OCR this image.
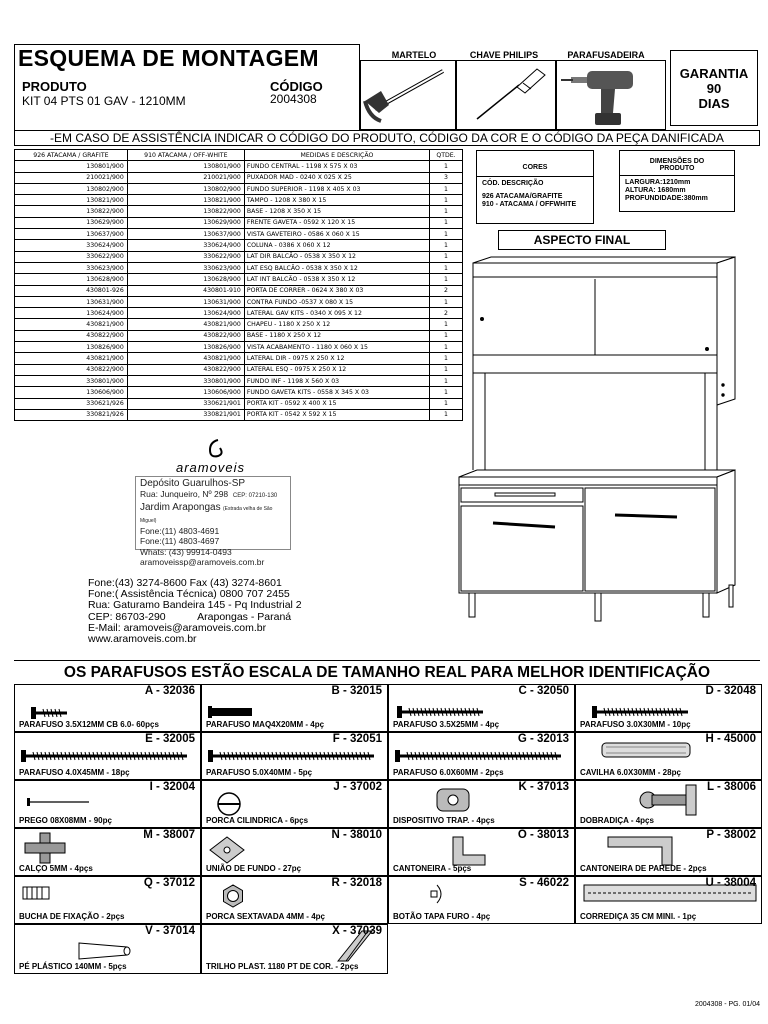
ESQUEMA DE MONTAGEM
PRODUTO
KIT 04 PTS 01 GAV - 1210MM
CÓDIGO
2004308
MARTELO	CHAVE PHILIPS	PARAFUSADEIRA
GARANTIA
90
DIAS
-EM CASO DE ASSISTÊNCIA INDICAR O CÓDIGO DO PRODUTO, CÓDIGO DA COR E O CÓDIGO DA PEÇA DANIFICADA
926 ATACAMA / GRAFITE	910 ATACAMA / OFF-WHITE	MEDIDAS E DESCRIÇÃO	QTDE.
130801/900	130801/900	FUNDO CENTRAL - 1198 X 575 X 03	1
210021/900	210021/900	PUXADOR MAD - 0240 X 025 X 25	3
130802/900	130802/900	FUNDO SUPERIOR - 1198 X 405 X 03	1
130821/900	130821/900	TAMPO - 1208 X 380 X 15	1
130822/900	130822/900	BASE - 1208 X 350 X 15	1
130629/900	130629/900	FRENTE GAVETA - 0592 X 120 X 15	1
130637/900	130637/900	VISTA GAVETEIRO - 0586 X 060 X 15	1
330624/900	330624/900	COLUNA - 0386 X 060 X 12	1
330622/900	330622/900	LAT DIR BALCÃO - 0538 X 350 X 12	1
330623/900	330623/900	LAT ESQ BALCÃO - 0538 X 350 X 12	1
130628/900	130628/900	LAT INT BALCÃO - 0538 X 350 X 12	1
430801-926	430801-910	PORTA DE CORRER - 0624 X 380 X 03	2
130631/900	130631/900	CONTRA FUNDO -0537 X 080 X 15	1
130624/900	130624/900	LATERAL GAV KITS - 0340 X 095 X 12	2
430821/900	430821/900	CHAPEU - 1180 X 250 X 12	1
430822/900	430822/900	BASE - 1180 X 250 X 12	1
130826/900	130826/900	VISTA ACABAMENTO - 1180 X 060 X 15	1
430821/900	430821/900	LATERAL DIR - 0975 X 250 X 12	1
430822/900	430822/900	LATERAL ESQ - 0975 X 250 X 12	1
330801/900	330801/900	FUNDO INF - 1198 X 560 X 03	1
130606/900	130606/900	FUNDO GAVETA KITS - 0558 X 345 X 03	1
330621/926	330621/901	PORTA KIT - 0592 X 400 X 15	1
330821/926	330821/901	PORTA KIT - 0542 X 592 X 15	1
CORES
CÓD. DESCRIÇÃO
926 ATACAMA/GRAFITE
910 - ATACAMA / OFFWHITE
DIMENSÕES DO
PRODUTO
LARGURA:1210mm
ALTURA: 1680mm
PROFUNDIDADE:380mm
ASPECTO FINAL
aramoveis
Depósito Guarulhos-SP
Rua: Junqueiro, Nº 298 CEP: 07210-130
Jardim Arapongas (Estrada velha de Sâo Miguel)
Fone:(11) 4803-4691
Fone:(11) 4803-4697
Whats: (43) 99914-0493
aramoveissp@aramoveis.com.br
Fone:(43) 3274-8600 Fax (43) 3274-8601
Fone:( Assistência Técnica) 0800 707 2455
Rua: Gaturamo Bandeira 145 - Pq Industrial 2
CEP: 86703-290           Arapongas - Paraná
E-Mail: aramoveis@aramoveis.com.br
www.aramoveis.com.br
OS PARAFUSOS ESTÃO ESCALA DE TAMANHO REAL PARA MELHOR IDENTIFICAÇÃO
A - 32036
PARAFUSO 3.5X12MM CB 6.0- 60pçs
B - 32015
PARAFUSO MAQ4X20MM - 4pç
C - 32050
PARAFUSO 3.5X25MM - 4pç
D - 32048
PARAFUSO 3.0X30MM - 10pç
E - 32005
PARAFUSO 4.0X45MM - 18pç
F - 32051
PARAFUSO 5.0X40MM - 5pç
G - 32013
PARAFUSO 6.0X60MM - 2pçs
H - 45000
CAVILHA 6.0X30MM - 28pç
I - 32004
PREGO 08X08MM - 90pç
J - 37002
PORCA CILINDRICA - 6pçs
K - 37013
DISPOSITIVO TRAP. - 4pçs
L - 38006
DOBRADIÇA - 4pçs
M - 38007
CALÇO 5MM - 4pçs
N - 38010
UNIÃO DE FUNDO - 27pç
O - 38013
CANTONEIRA - 5pçs
P - 38002
CANTONEIRA DE PAREDE - 2pçs
Q - 37012
BUCHA DE FIXAÇÃO - 2pçs
R - 32018
PORCA SEXTAVADA 4MM - 4pç
S - 46022
BOTÃO TAPA FURO - 4pç
U - 38004
CORREDIÇA 35 CM MINI. - 1pç
V - 37014
PÉ PLÁSTICO 140MM - 5pçs
X - 37039
TRILHO PLAST. 1180 PT DE COR. - 2pçs
2004308 - PG. 01/04
